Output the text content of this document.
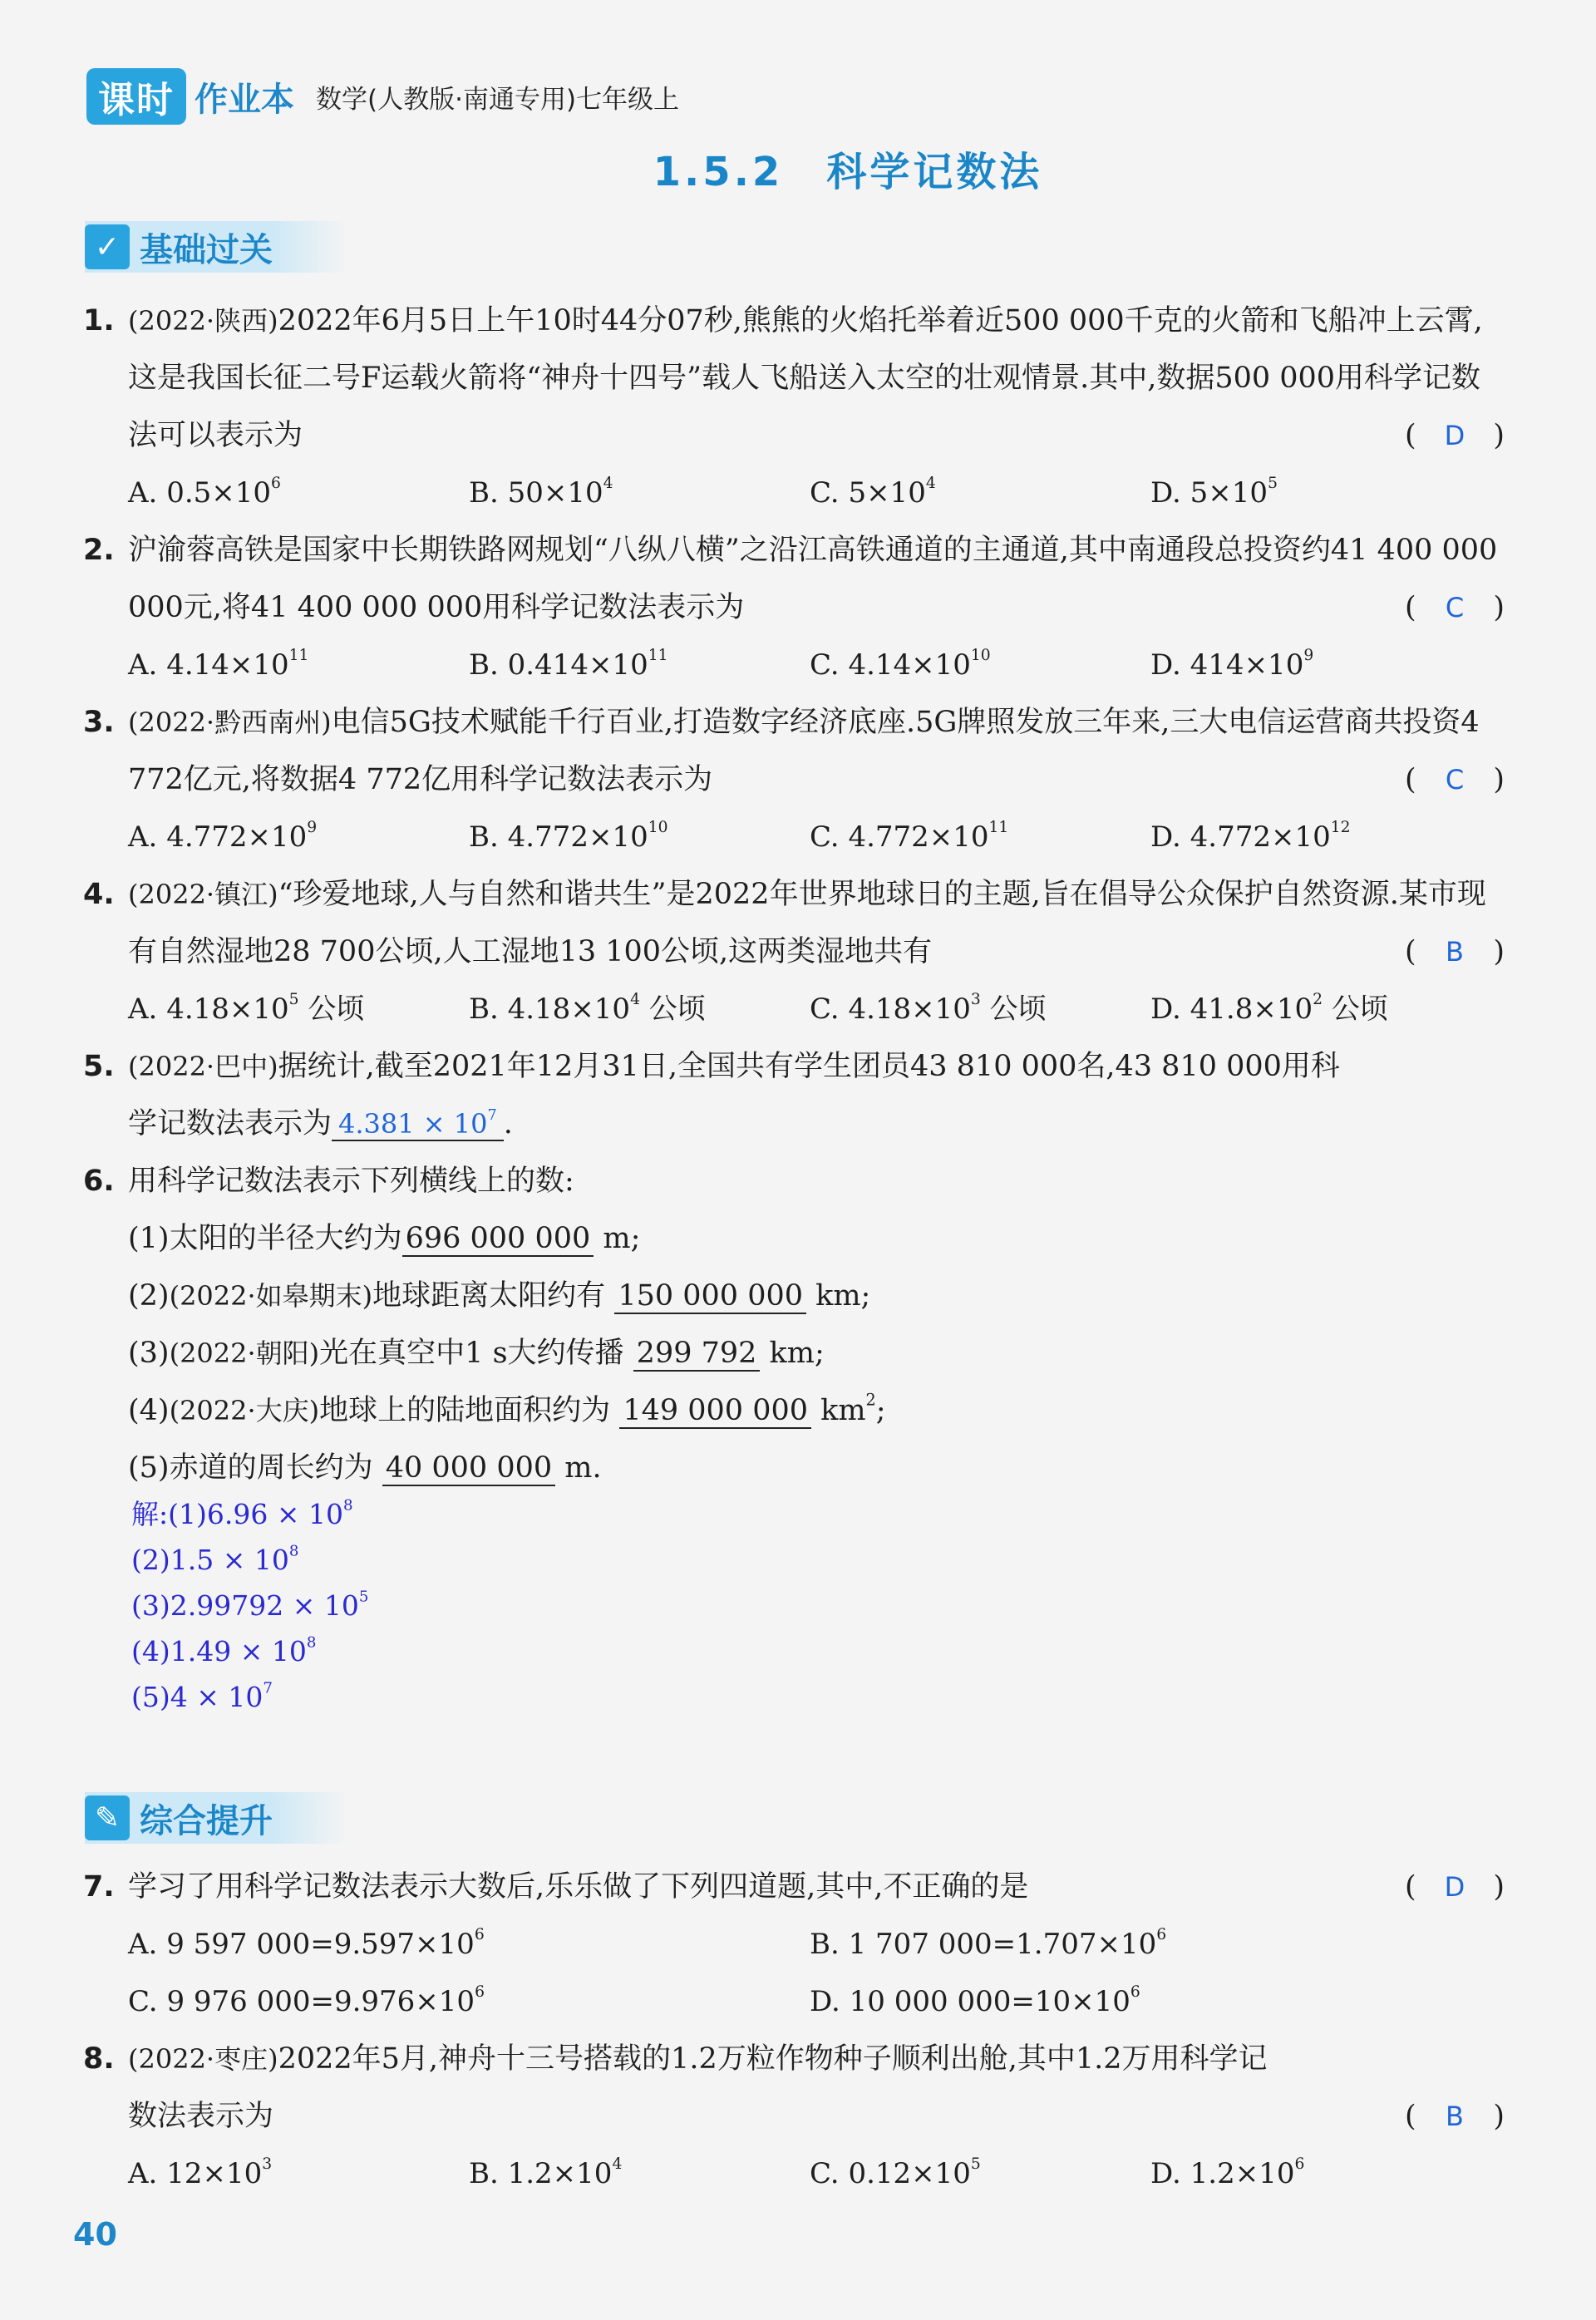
课时 作业本 数学(人教版·南通专用)七年级上
1.5.2　科学记数法
✓ 基础过关
1. (2022·陕西)2022年6月5日上午10时44分07秒,熊熊的火焰托举着近500 000千克的火箭和飞船冲上云霄,这是我国长征二号F运载火箭将“神舟十四号”载人飞船送入太空的壮观情景.其中,数据500 000用科学记数法可以表示为	( D )
A. $0.5\times 10^6$	B. $50\times 10^4$	C. $5\times 10^4$	D. $5\times 10^5$
2. 沪渝蓉高铁是国家中长期铁路网规划“八纵八横”之沿江高铁通道的主通道,其中南通段总投资约41 400 000 000元,将41 400 000 000用科学记数法表示为	( C )
A. $4.14\times 10^{11}$	B. $0.414\times 10^{11}$	C. $4.14\times 10^{10}$	D. $414\times 10^9$
3. (2022·黔西南州)电信5G技术赋能千行百业,打造数字经济底座.5G牌照发放三年来,三大电信运营商共投资4 772亿元,将数据4 772亿用科学记数法表示为	( C )
A. $4.772\times 10^9$	B. $4.772\times 10^{10}$	C. $4.772\times 10^{11}$	D. $4.772\times 10^{12}$
4. (2022·镇江)“珍爱地球,人与自然和谐共生”是2022年世界地球日的主题,旨在倡导公众保护自然资源.某市现有自然湿地28 700公顷,人工湿地13 100公顷,这两类湿地共有	( B )
A. $4.18\times 10^5$ 公顷	B. $4.18\times 10^4$ 公顷	C. $4.18\times 10^3$ 公顷	D. $41.8\times 10^2$ 公顷
5. (2022·巴中)据统计,截至2021年12月31日,全国共有学生团员43 810 000名,43 810 000用科
学记数法表示为 $4.381 \times 10^7$ .
6. 用科学记数法表示下列横线上的数:
(1)太阳的半径大约为 696 000 000 m;
(2)(2022·如皋期末)地球距离太阳约有 150 000 000 km;
(3)(2022·朝阳)光在真空中1 s大约传播 299 792 km;
(4)(2022·大庆)地球上的陆地面积约为 149 000 000 $km^2$;
(5)赤道的周长约为 40 000 000 m.
解:(1)6.96 × $10^8$
$(2)1.5 \times 10^8$
$(3)2.99792 \times 10^5$
$(4)1.49 \times 10^8$
$(5)4 \times 10^7$
✎ 综合提升
7. 学习了用科学记数法表示大数后,乐乐做了下列四道题,其中,不正确的是	( D )
A. 9 597 $000=9.597\times 10^6$	B. 1 707 $000=1.707\times 10^6$
C. 9 976 $000=9.976\times 10^6$	D. 10 000 $000=10\times 10^6$
8. (2022·枣庄)2022年5月,神舟十三号搭载的1.2万粒作物种子顺利出舱,其中1.2万用科学记
数法表示为	( B )
A. $12\times 10^3$	B. $1.2\times 10^4$	C. $0.12\times 10^5$	D. $1.2\times 10^6$
40
